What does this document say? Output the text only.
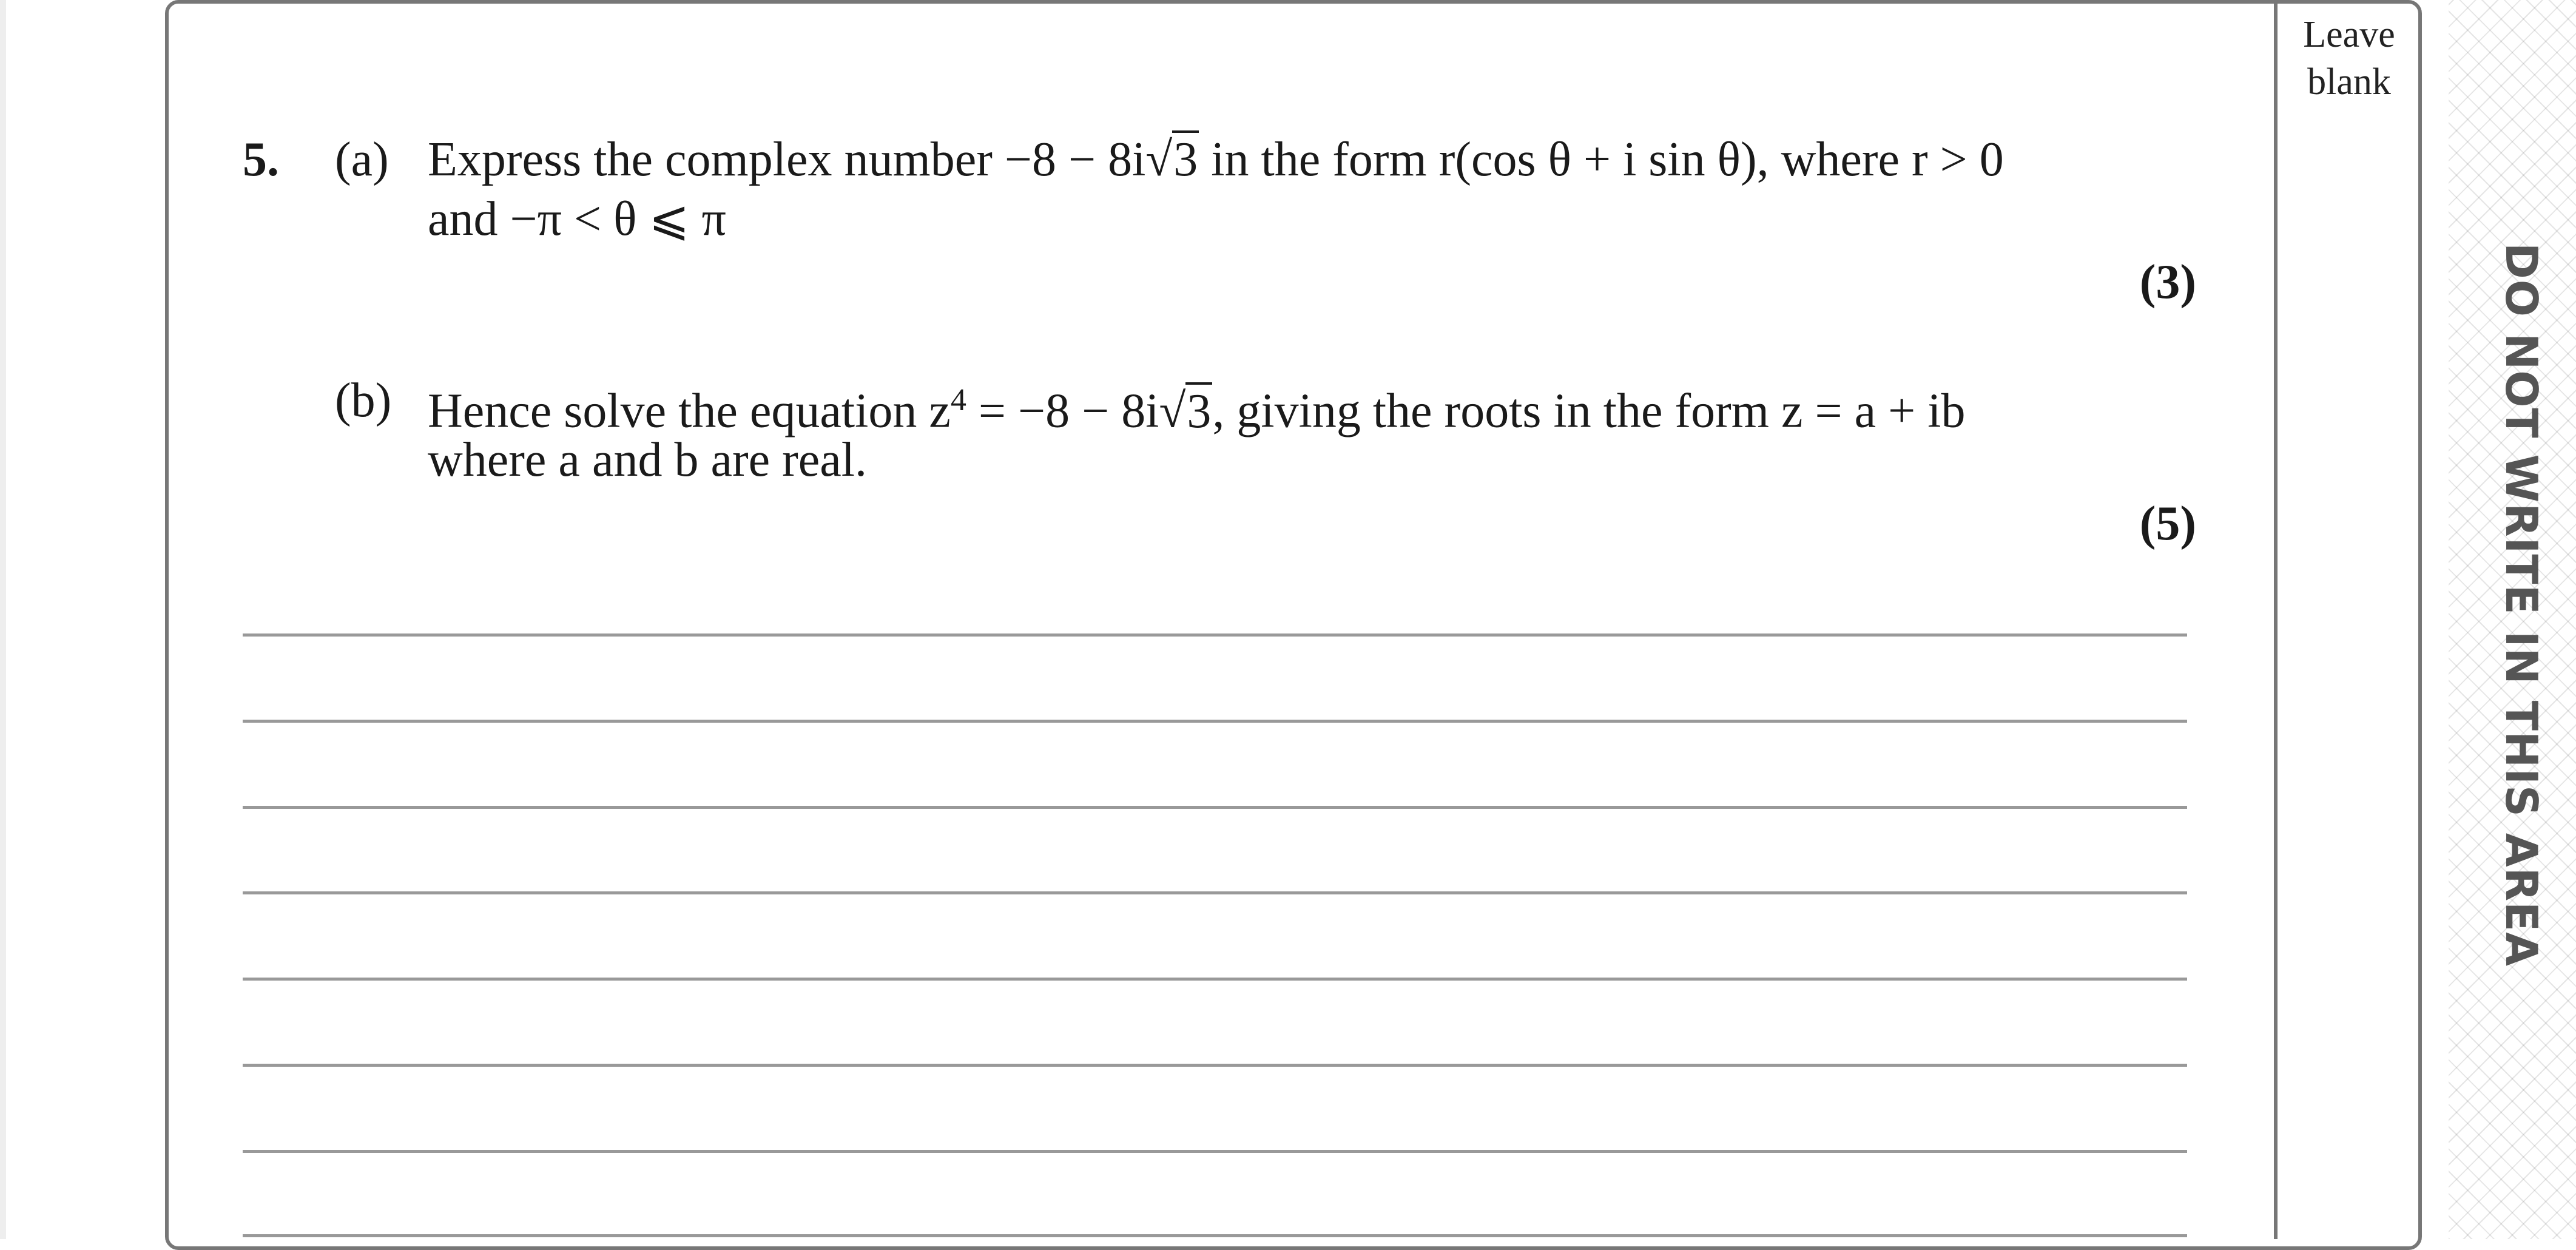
Leave blank
DO NOT WRITE IN THIS AREA
5. (a) Express the complex number −8 − 8i√3 in the form r(cos θ + i sin θ), where r > 0
and −π < θ ⩽ π
(3)
(b) Hence solve the equation $z^4 = -8 - 8i√3$, giving the roots in the form z = a + ib
where a and b are real.
(5)
